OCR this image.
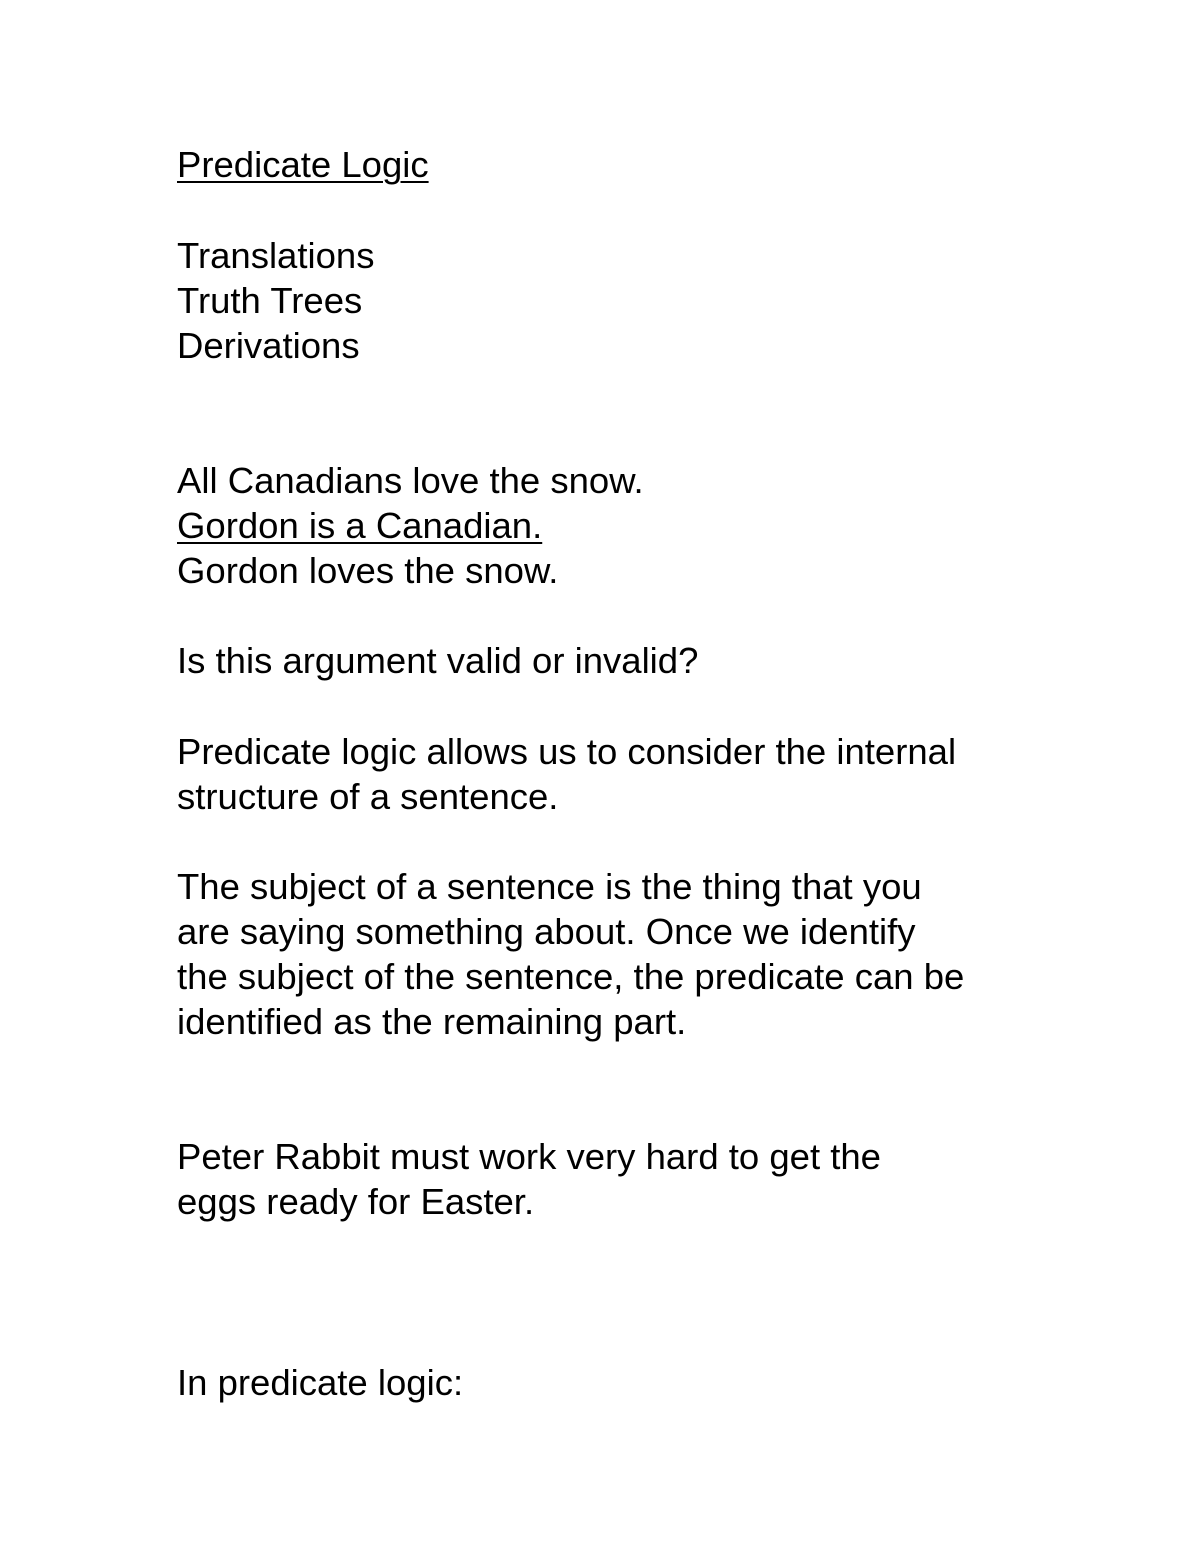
Predicate Logic

Translations

Truth Trees

Derivations

All Canadians love the snow.

Gordon is a Canadian.

Gordon loves the snow.

Is this argument valid or invalid?

Predicate logic allows us to consider the internal

structure of a sentence.

The subject of a sentence is the thing that you

are saying something about. Once we identify

the subject of the sentence, the predicate can be

identified as the remaining part.

Peter Rabbit must work very hard to get the

eggs ready for Easter.

In predicate logic:
